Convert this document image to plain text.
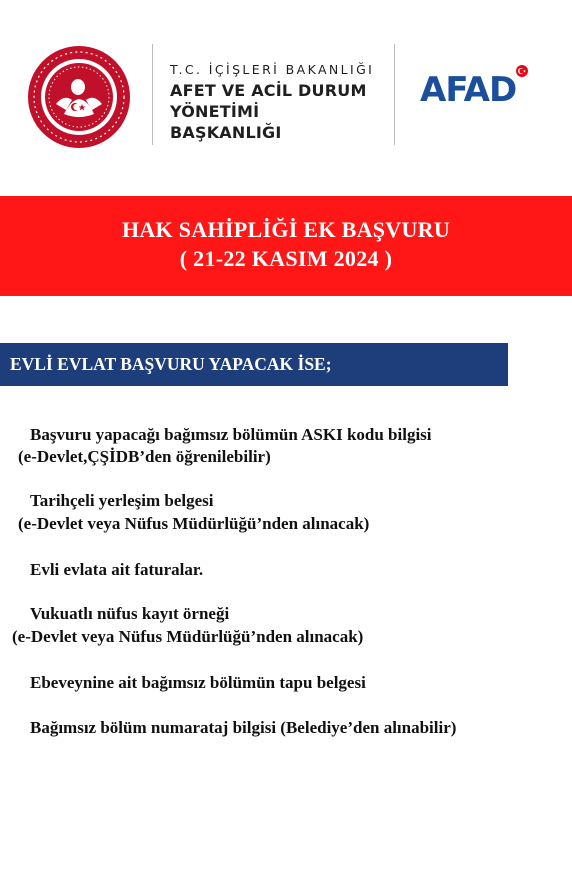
T.C. İÇİŞLERİ BAKANLIĞI
AFET VE ACİL DURUM
YÖNETİMİ BAŞKANLIĞI
AFAD
HAK SAHİPLİĞİ EK BAŞVURU
( 21-22 KASIM 2024 )
EVLİ EVLAT BAŞVURU YAPACAK İSE;
Başvuru yapacağı bağımsız bölümün ASKI kodu bilgisi
(e-Devlet,ÇŞİDB’den öğrenilebilir)
Tarihçeli yerleşim belgesi
(e-Devlet veya Nüfus Müdürlüğü’nden alınacak)
Evli evlata ait faturalar.
Vukuatlı nüfus kayıt örneği
(e-Devlet veya Nüfus Müdürlüğü’nden alınacak)
Ebeveynine ait bağımsız bölümün tapu belgesi
Bağımsız bölüm numarataj bilgisi (Belediye’den alınabilir)
